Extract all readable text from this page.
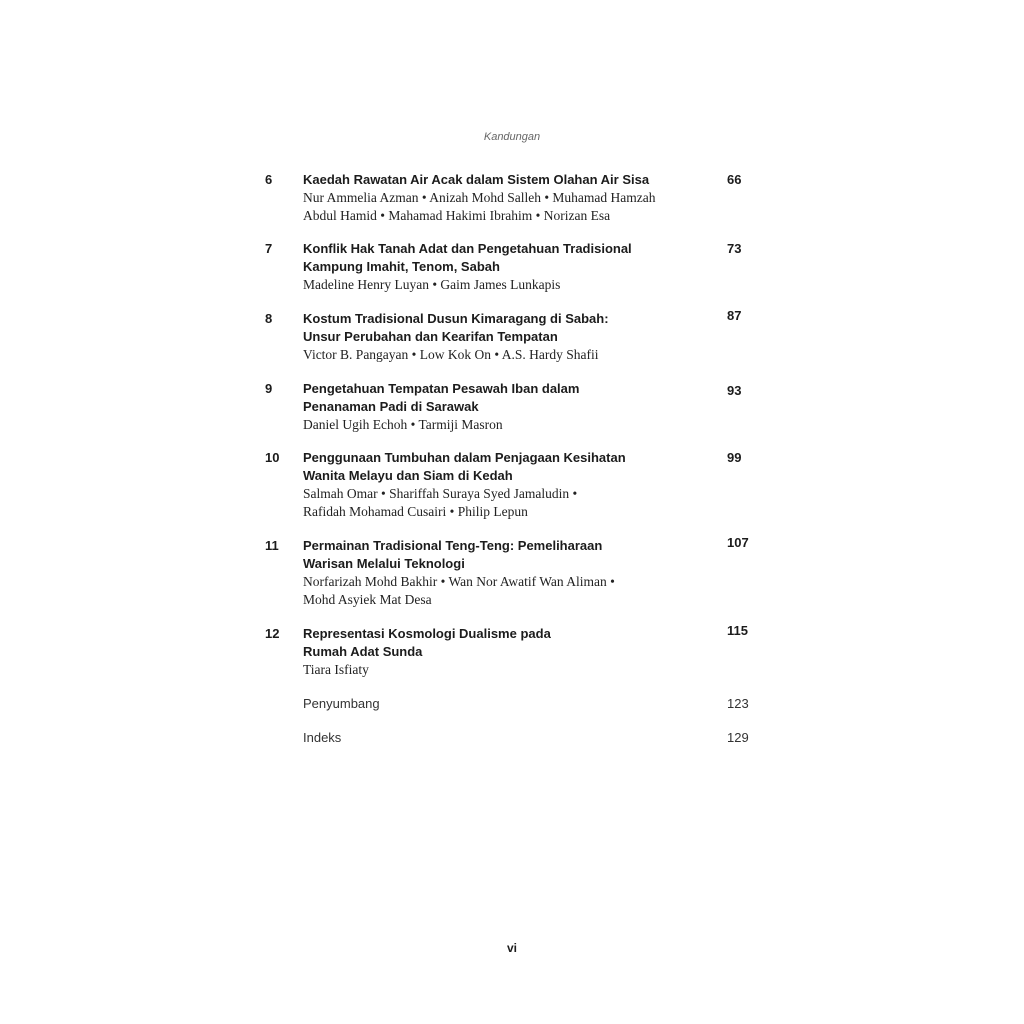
Kandungan
6 Kaedah Rawatan Air Acak dalam Sistem Olahan Air Sisa
Nur Ammelia Azman • Anizah Mohd Salleh • Muhamad Hamzah
Abdul Hamid • Mahamad Hakimi Ibrahim • Norizan Esa
66
7 Konflik Hak Tanah Adat dan Pengetahuan Tradisional
Kampung Imahit, Tenom, Sabah
Madeline Henry Luyan • Gaim James Lunkapis
73
8 Kostum Tradisional Dusun Kimaragang di Sabah:
Unsur Perubahan dan Kearifan Tempatan
Victor B. Pangayan • Low Kok On • A.S. Hardy Shafii
87
9 Pengetahuan Tempatan Pesawah Iban dalam
Penanaman Padi di Sarawak
Daniel Ugih Echoh • Tarmiji Masron
93
10 Penggunaan Tumbuhan dalam Penjagaan Kesihatan
Wanita Melayu dan Siam di Kedah
Salmah Omar • Shariffah Suraya Syed Jamaludin •
Rafidah Mohamad Cusairi • Philip Lepun
99
11 Permainan Tradisional Teng-Teng: Pemeliharaan
Warisan Melalui Teknologi
Norfarizah Mohd Bakhir • Wan Nor Awatif Wan Aliman •
Mohd Asyiek Mat Desa
107
12 Representasi Kosmologi Dualisme pada
Rumah Adat Sunda
Tiara Isfiaty
115
Penyumbang	123
Indeks	129
vi
